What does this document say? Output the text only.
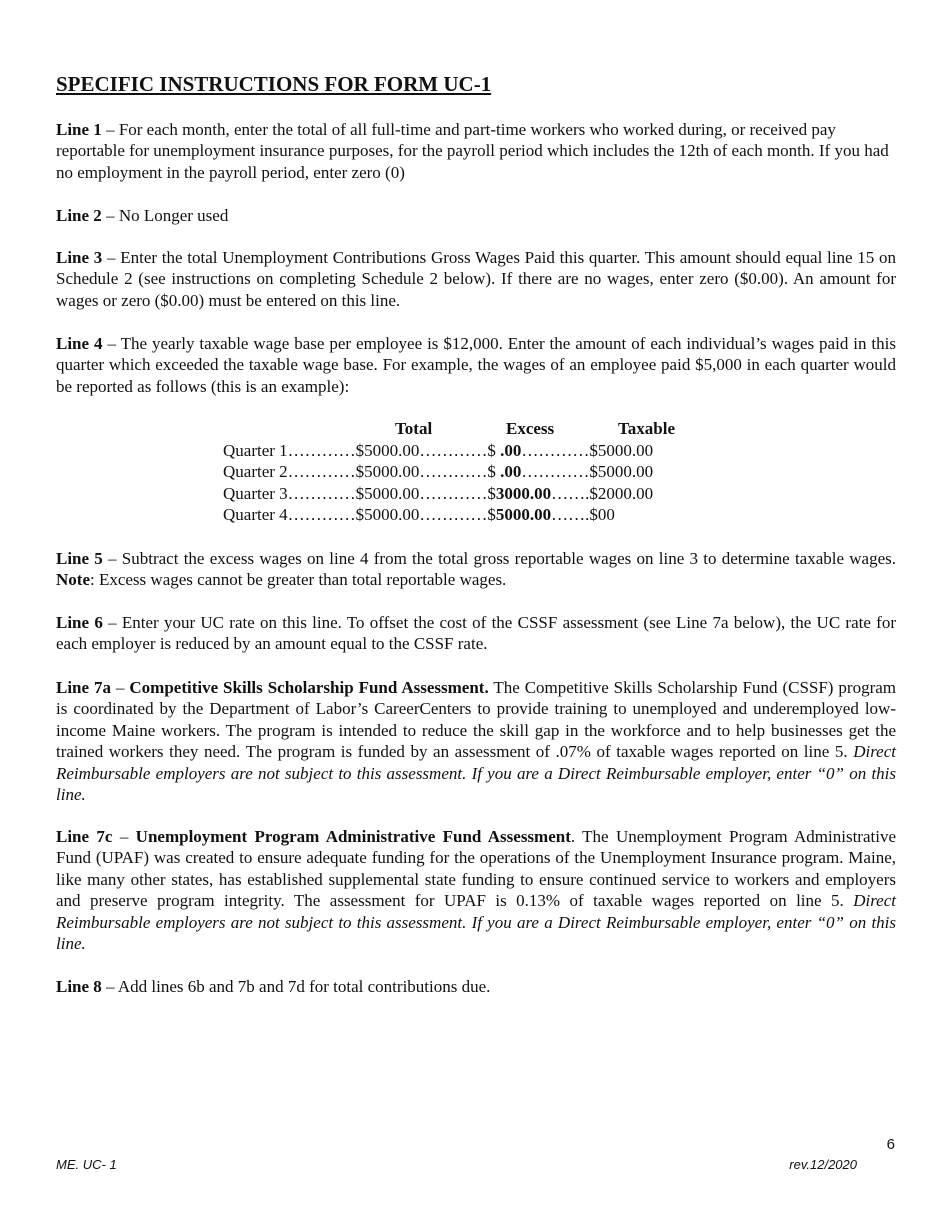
SPECIFIC INSTRUCTIONS FOR FORM UC-1
Line 1 – For each month, enter the total of all full-time and part-time workers who worked during, or received pay reportable for unemployment insurance purposes, for the payroll period which includes the 12th of each month. If you had no employment in the payroll period, enter zero (0)
Line 2 – No Longer used
Line 3 – Enter the total Unemployment Contributions Gross Wages Paid this quarter. This amount should equal line 15 on Schedule 2 (see instructions on completing Schedule 2 below). If there are no wages, enter zero ($0.00). An amount for wages or zero ($0.00) must be entered on this line.
Line 4 – The yearly taxable wage base per employee is $12,000. Enter the amount of each individual’s wages paid in this quarter which exceeded the taxable wage base. For example, the wages of an employee paid $5,000 in each quarter would be reported as follows (this is an example):
	Total	Excess	Taxable
Quarter 1…………$5000.00…………$ .00…………$5000.00
Quarter 2…………$5000.00…………$ .00…………$5000.00
Quarter 3…………$5000.00…………$3000.00…….$2000.00
Quarter 4…………$5000.00…………$5000.00…….$00
Line 5 – Subtract the excess wages on line 4 from the total gross reportable wages on line 3 to determine taxable wages. Note: Excess wages cannot be greater than total reportable wages.
Line 6 – Enter your UC rate on this line. To offset the cost of the CSSF assessment (see Line 7a below), the UC rate for each employer is reduced by an amount equal to the CSSF rate.
Line 7a – Competitive Skills Scholarship Fund Assessment. The Competitive Skills Scholarship Fund (CSSF) program is coordinated by the Department of Labor’s CareerCenters to provide training to unemployed and underemployed low-income Maine workers. The program is intended to reduce the skill gap in the workforce and to help businesses get the trained workers they need. The program is funded by an assessment of .07% of taxable wages reported on line 5. Direct Reimbursable employers are not subject to this assessment. If you are a Direct Reimbursable employer, enter “0” on this line.
Line 7c – Unemployment Program Administrative Fund Assessment. The Unemployment Program Administrative Fund (UPAF) was created to ensure adequate funding for the operations of the Unemployment Insurance program. Maine, like many other states, has established supplemental state funding to ensure continued service to workers and employers and preserve program integrity. The assessment for UPAF is 0.13% of taxable wages reported on line 5. Direct Reimbursable employers are not subject to this assessment. If you are a Direct Reimbursable employer, enter “0” on this line.
Line 8 – Add lines 6b and 7b and 7d for total contributions due.
6
ME. UC- 1	rev.12/2020
